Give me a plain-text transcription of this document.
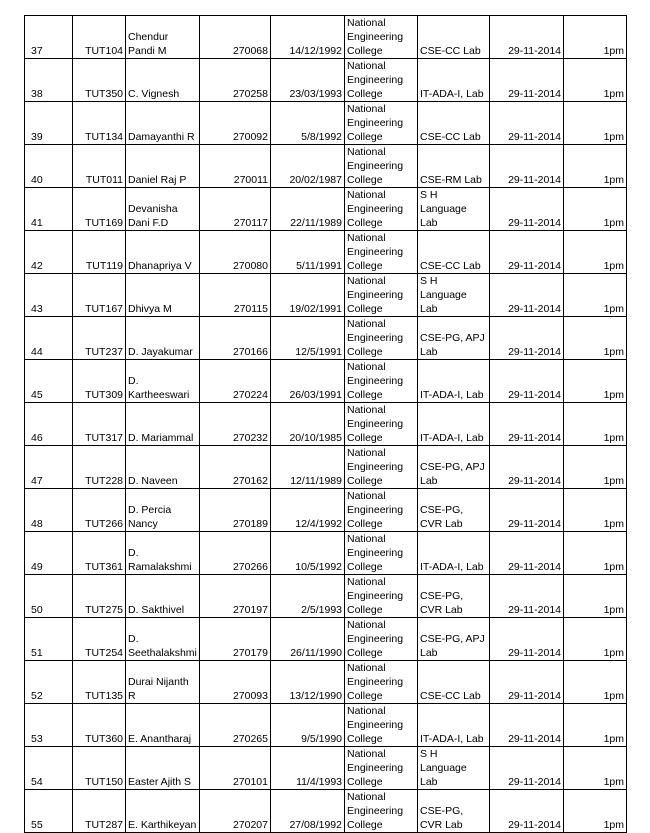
37	TUT104	Chendur Pandi M	270068	14/12/1992	National Engineering College	CSE-CC Lab	29-11-2014	1pm
38	TUT350	C. Vignesh	270258	23/03/1993	National Engineering College	IT-ADA-I, Lab	29-11-2014	1pm
39	TUT134	Damayanthi R	270092	5/8/1992	National Engineering College	CSE-CC Lab	29-11-2014	1pm
40	TUT011	Daniel Raj P	270011	20/02/1987	National Engineering College	CSE-RM Lab	29-11-2014	1pm
41	TUT169	Devanisha Dani F.D	270117	22/11/1989	National Engineering College	S H Language Lab	29-11-2014	1pm
42	TUT119	Dhanapriya V	270080	5/11/1991	National Engineering College	CSE-CC Lab	29-11-2014	1pm
43	TUT167	Dhivya M	270115	19/02/1991	National Engineering College	S H Language Lab	29-11-2014	1pm
44	TUT237	D. Jayakumar	270166	12/5/1991	National Engineering College	CSE-PG, APJ Lab	29-11-2014	1pm
45	TUT309	D. Kartheeswari	270224	26/03/1991	National Engineering College	IT-ADA-I, Lab	29-11-2014	1pm
46	TUT317	D. Mariammal	270232	20/10/1985	National Engineering College	IT-ADA-I, Lab	29-11-2014	1pm
47	TUT228	D. Naveen	270162	12/11/1989	National Engineering College	CSE-PG, APJ Lab	29-11-2014	1pm
48	TUT266	D. Percia Nancy	270189	12/4/1992	National Engineering College	CSE-PG, CVR Lab	29-11-2014	1pm
49	TUT361	D. Ramalakshmi	270266	10/5/1992	National Engineering College	IT-ADA-I, Lab	29-11-2014	1pm
50	TUT275	D. Sakthivel	270197	2/5/1993	National Engineering College	CSE-PG, CVR Lab	29-11-2014	1pm
51	TUT254	D. Seethalakshmi	270179	26/11/1990	National Engineering College	CSE-PG, APJ Lab	29-11-2014	1pm
52	TUT135	Durai Nijanth R	270093	13/12/1990	National Engineering College	CSE-CC Lab	29-11-2014	1pm
53	TUT360	E. Anantharaj	270265	9/5/1990	National Engineering College	IT-ADA-I, Lab	29-11-2014	1pm
54	TUT150	Easter Ajith S	270101	11/4/1993	National Engineering College	S H Language Lab	29-11-2014	1pm
55	TUT287	E. Karthikeyan	270207	27/08/1992	National Engineering College	CSE-PG, CVR Lab	29-11-2014	1pm
